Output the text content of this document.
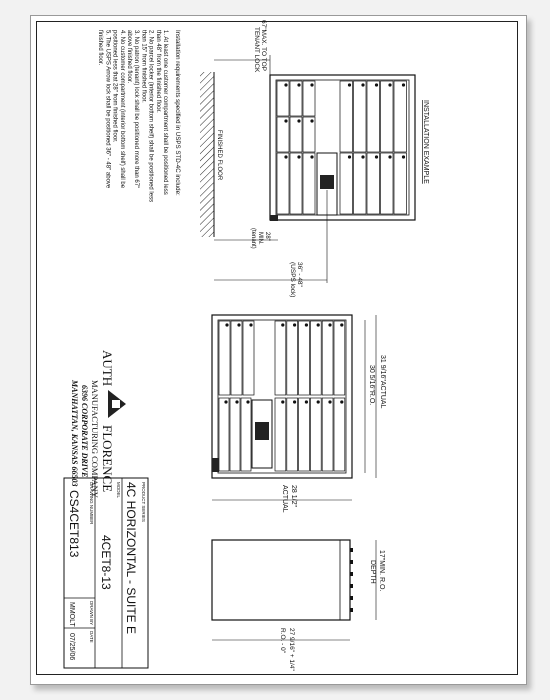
FINISHED FLOOR
67"MAX. TO TOP
TENANT LOCK
28"
MIN.
(tenant)
36" - 48"
(USPS lock)
INSTALLATION EXAMPLE
Installation requirements specified in USPS STD-4C include:
1. At least one customer compartment shall be positioned less
than 48" from the finished floor.
2. No parcel locker (interior bottom shelf) shall be positioned less
than 15" from finished floor.
3. No patron (tenant) lock shall be positioned more than 67"
above finished floor.
4. No customer compartment (interior bottom shelf) shall be
positioned less that 28" from finished floor.
5. The USPS Arrow lock shall be positioned 36" - 48" above
finished floor.
31 9/16"ACTUAL
30 5/16"R.O.
28 1/2"
ACTUAL
17"MIN. R.O.
DEPTH
27 9/16" + 1/4"
R.O. - 0"
AUTH
FLORENCE
MANUFACTURING COMPANY
6396 CORPORATE DRIVE
MANHATTAN, KANSAS 66503
PRODUCT SERIES
4C HORIZONTAL - SUITE E
MODEL
4CET8-13
DRAWING NUMBER
CS4CET813
DRAWN BY
MMOLT
DATE
07/25/06
